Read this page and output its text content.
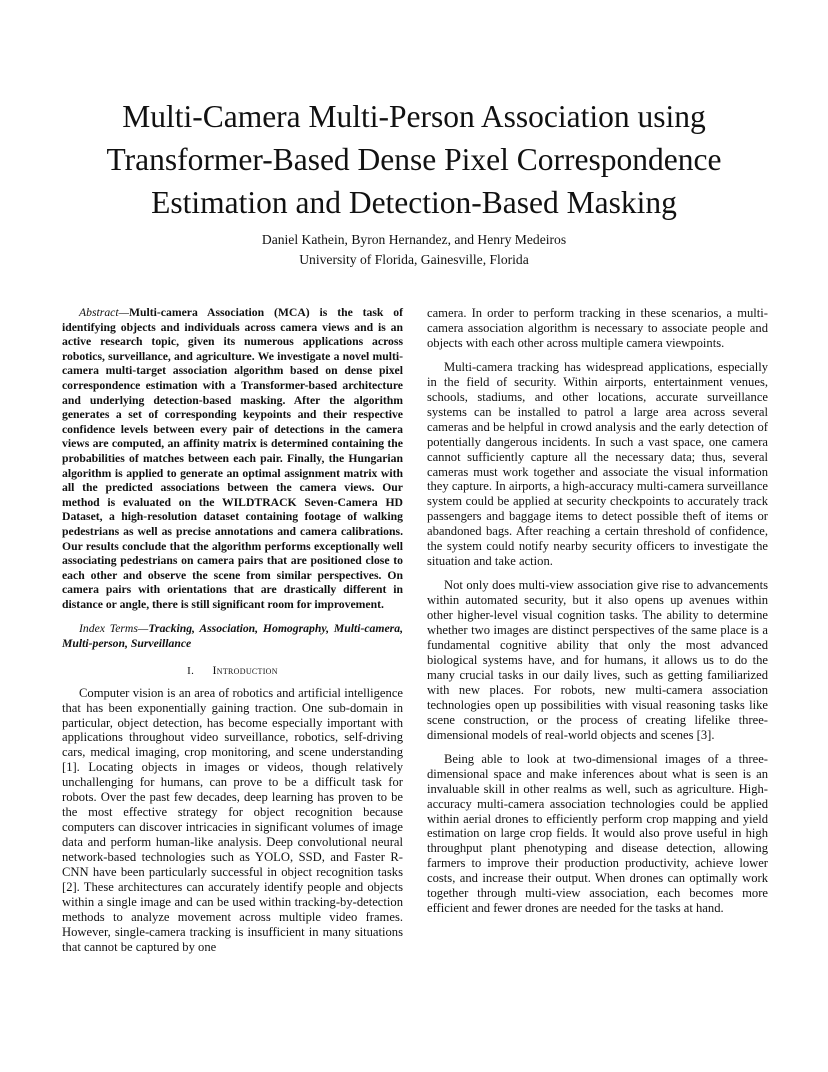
Multi-Camera Multi-Person Association using
Transformer-Based Dense Pixel Correspondence
Estimation and Detection-Based Masking
Daniel Kathein, Byron Hernandez, and Henry Medeiros
University of Florida, Gainesville, Florida

Abstract—Multi-camera Association (MCA) is the task of identifying objects and individuals across camera views and is an active research topic, given its numerous applications across robotics, surveillance, and agriculture. We investigate a novel multi-camera multi-target association algorithm based on dense pixel correspondence estimation with a Transformer-based architecture and underlying detection-based masking. After the algorithm generates a set of corresponding keypoints and their respective confidence levels between every pair of detections in the camera views are computed, an affinity matrix is determined containing the probabilities of matches between each pair. Finally, the Hungarian algorithm is applied to generate an optimal assignment matrix with all the predicted associations between the camera views. Our method is evaluated on the WILDTRACK Seven-Camera HD Dataset, a high-resolution dataset containing footage of walking pedestrians as well as precise annotations and camera calibrations. Our results conclude that the algorithm performs exceptionally well associating pedestrians on camera pairs that are positioned close to each other and observe the scene from similar perspectives. On camera pairs with orientations that are drastically different in distance or angle, there is still significant room for improvement.

Index Terms—Tracking, Association, Homography, Multi-camera, Multi-person, Surveillance

I. Introduction

Computer vision is an area of robotics and artificial intelligence that has been exponentially gaining traction. One sub-domain in particular, object detection, has become especially important with applications throughout video surveillance, robotics, self-driving cars, medical imaging, crop monitoring, and scene understanding [1]. Locating objects in images or videos, though relatively unchallenging for humans, can prove to be a difficult task for robots. Over the past few decades, deep learning has proven to be the most effective strategy for object recognition because computers can discover intricacies in significant volumes of image data and perform human-like analysis. Deep convolutional neural network-based technologies such as YOLO, SSD, and Faster R-CNN have been particularly successful in object recognition tasks [2]. These architectures can accurately identify people and objects within a single image and can be used within tracking-by-detection methods to analyze movement across multiple video frames. However, single-camera tracking is insufficient in many situations that cannot be captured by one

camera. In order to perform tracking in these scenarios, a multi-camera association algorithm is necessary to associate people and objects with each other across multiple camera viewpoints.

Multi-camera tracking has widespread applications, especially in the field of security. Within airports, entertainment venues, schools, stadiums, and other locations, accurate surveillance systems can be installed to patrol a large area across several cameras and be helpful in crowd analysis and the early detection of potentially dangerous incidents. In such a vast space, one camera cannot sufficiently capture all the necessary data; thus, several cameras must work together and associate the visual information they capture. In airports, a high-accuracy multi-camera surveillance system could be applied at security checkpoints to accurately track passengers and baggage items to detect possible theft of items or abandoned bags. After reaching a certain threshold of confidence, the system could notify nearby security officers to investigate the situation and take action.

Not only does multi-view association give rise to advancements within automated security, but it also opens up avenues within other higher-level visual cognition tasks. The ability to determine whether two images are distinct perspectives of the same place is a fundamental cognitive ability that only the most advanced biological systems have, and for humans, it allows us to do the many crucial tasks in our daily lives, such as getting familiarized with new places. For robots, new multi-camera association technologies open up possibilities with visual reasoning tasks like scene construction, or the process of creating lifelike three-dimensional models of real-world objects and scenes [3].

Being able to look at two-dimensional images of a three-dimensional space and make inferences about what is seen is an invaluable skill in other realms as well, such as agriculture. High-accuracy multi-camera association technologies could be applied within aerial drones to efficiently perform crop mapping and yield estimation on large crop fields. It would also prove useful in high throughput plant phenotyping and disease detection, allowing farmers to improve their production productivity, achieve lower costs, and increase their output. When drones can optimally work together through multi-view association, each becomes more efficient and fewer drones are needed for the tasks at hand.
